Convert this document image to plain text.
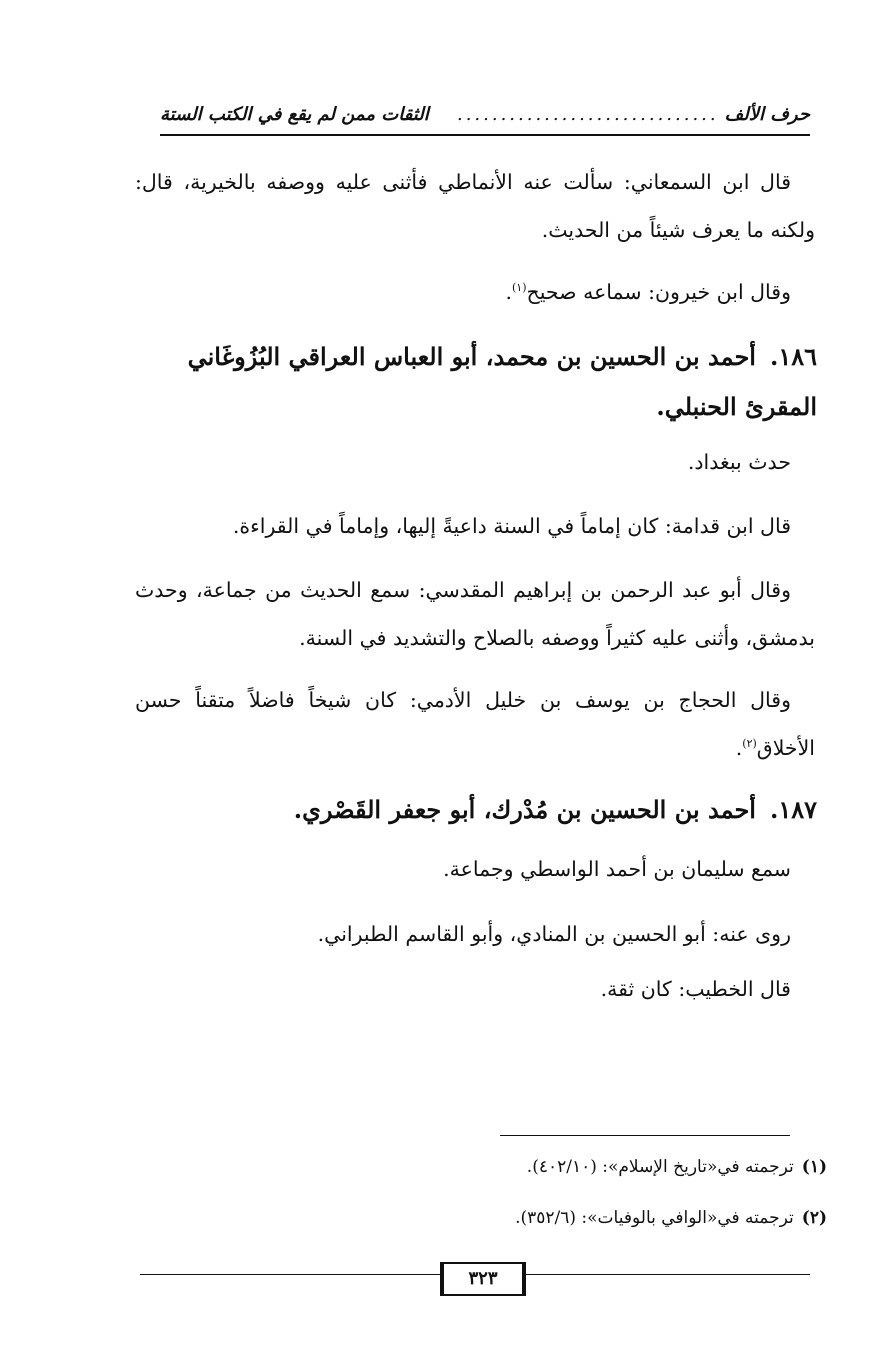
حرف الألف
..............................
الثقات ممن لم يقع في الكتب الستة
قال ابن السمعاني: سألت عنه الأنماطي فأثنى عليه ووصفه بالخيرية، قال: ولكنه ما يعرف شيئاً من الحديث.
وقال ابن خيرون: سماعه صحيح$^{(١)}$.
١٨٦.أحمد بن الحسين بن محمد، أبو العباس العراقي البُزُوغَاني المقرئ الحنبلي.
حدث ببغداد.
قال ابن قدامة: كان إماماً في السنة داعيةً إليها، وإماماً في القراءة.
وقال أبو عبد الرحمن بن إبراهيم المقدسي: سمع الحديث من جماعة، وحدث بدمشق، وأثنى عليه كثيراً ووصفه بالصلاح والتشديد في السنة.
وقال الحجاج بن يوسف بن خليل الأدمي: كان شيخاً فاضلاً متقناً حسن الأخلاق$^{(٢)}$.
١٨٧.أحمد بن الحسين بن مُدْرك، أبو جعفر القَصْري.
سمع سليمان بن أحمد الواسطي وجماعة.
روى عنه: أبو الحسين بن المنادي، وأبو القاسم الطبراني.
قال الخطيب: كان ثقة.
(١)ترجمته في«تاريخ الإسلام»: (٤٠٢/١٠).
(٢)ترجمته في«الوافي بالوفيات»: (٣٥٢/٦).
٣٢٣
